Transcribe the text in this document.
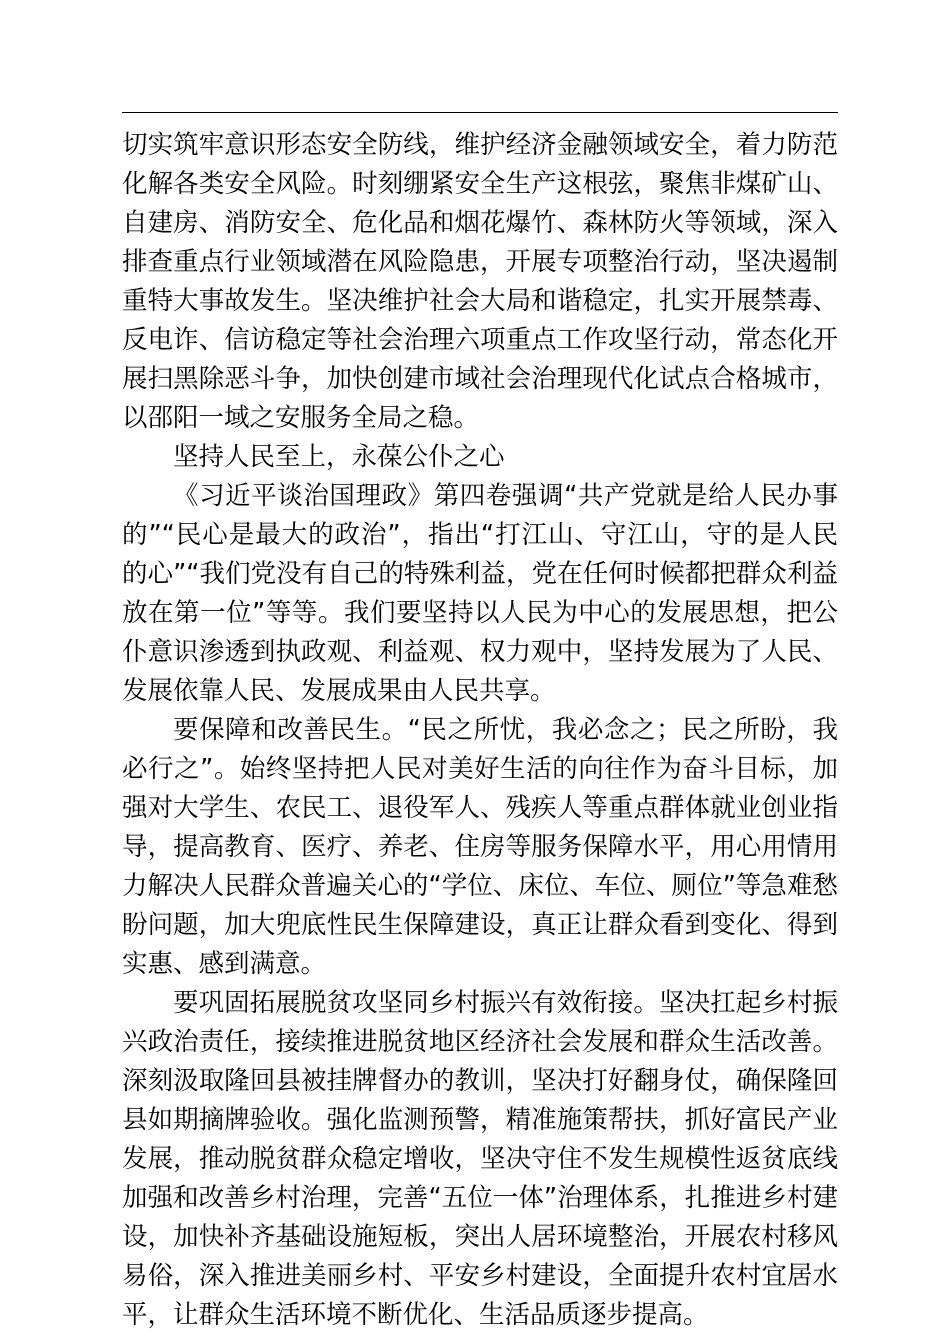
切实筑牢意识形态安全防线，维护经济金融领域安全，着力防范
化解各类安全风险。时刻绷紧安全生产这根弦，聚焦非煤矿山、
自建房、消防安全、危化品和烟花爆竹、森林防火等领域，深入
排查重点行业领域潜在风险隐患，开展专项整治行动，坚决遏制
重特大事故发生。坚决维护社会大局和谐稳定，扎实开展禁毒、
反电诈、信访稳定等社会治理六项重点工作攻坚行动，常态化开
展扫黑除恶斗争，加快创建市域社会治理现代化试点合格城市，
以邵阳一域之安服务全局之稳。
坚持人民至上，永葆公仆之心
《习近平谈治国理政》第四卷强调“共产党就是给人民办事
的”“民心是最大的政治”，指出“打江山、守江山，守的是人民
的心”“我们党没有自己的特殊利益，党在任何时候都把群众利益
放在第一位”等等。我们要坚持以人民为中心的发展思想，把公
仆意识渗透到执政观、利益观、权力观中，坚持发展为了人民、
发展依靠人民、发展成果由人民共享。
要保障和改善民生。“民之所忧，我必念之；民之所盼，我
必行之”。始终坚持把人民对美好生活的向往作为奋斗目标，加
强对大学生、农民工、退役军人、残疾人等重点群体就业创业指
导，提高教育、医疗、养老、住房等服务保障水平，用心用情用
力解决人民群众普遍关心的“学位、床位、车位、厕位”等急难愁
盼问题，加大兜底性民生保障建设，真正让群众看到变化、得到
实惠、感到满意。
要巩固拓展脱贫攻坚同乡村振兴有效衔接。坚决扛起乡村振
兴政治责任，接续推进脱贫地区经济社会发展和群众生活改善。
深刻汲取隆回县被挂牌督办的教训，坚决打好翻身仗，确保隆回
县如期摘牌验收。强化监测预警，精准施策帮扶，抓好富民产业
发展，推动脱贫群众稳定增收，坚决守住不发生规模性返贫底线
加强和改善乡村治理，完善“五位一体”治理体系，扎推进乡村建
设，加快补齐基础设施短板，突出人居环境整治，开展农村移风
易俗，深入推进美丽乡村、平安乡村建设，全面提升农村宜居水
平，让群众生活环境不断优化、生活品质逐步提高。
